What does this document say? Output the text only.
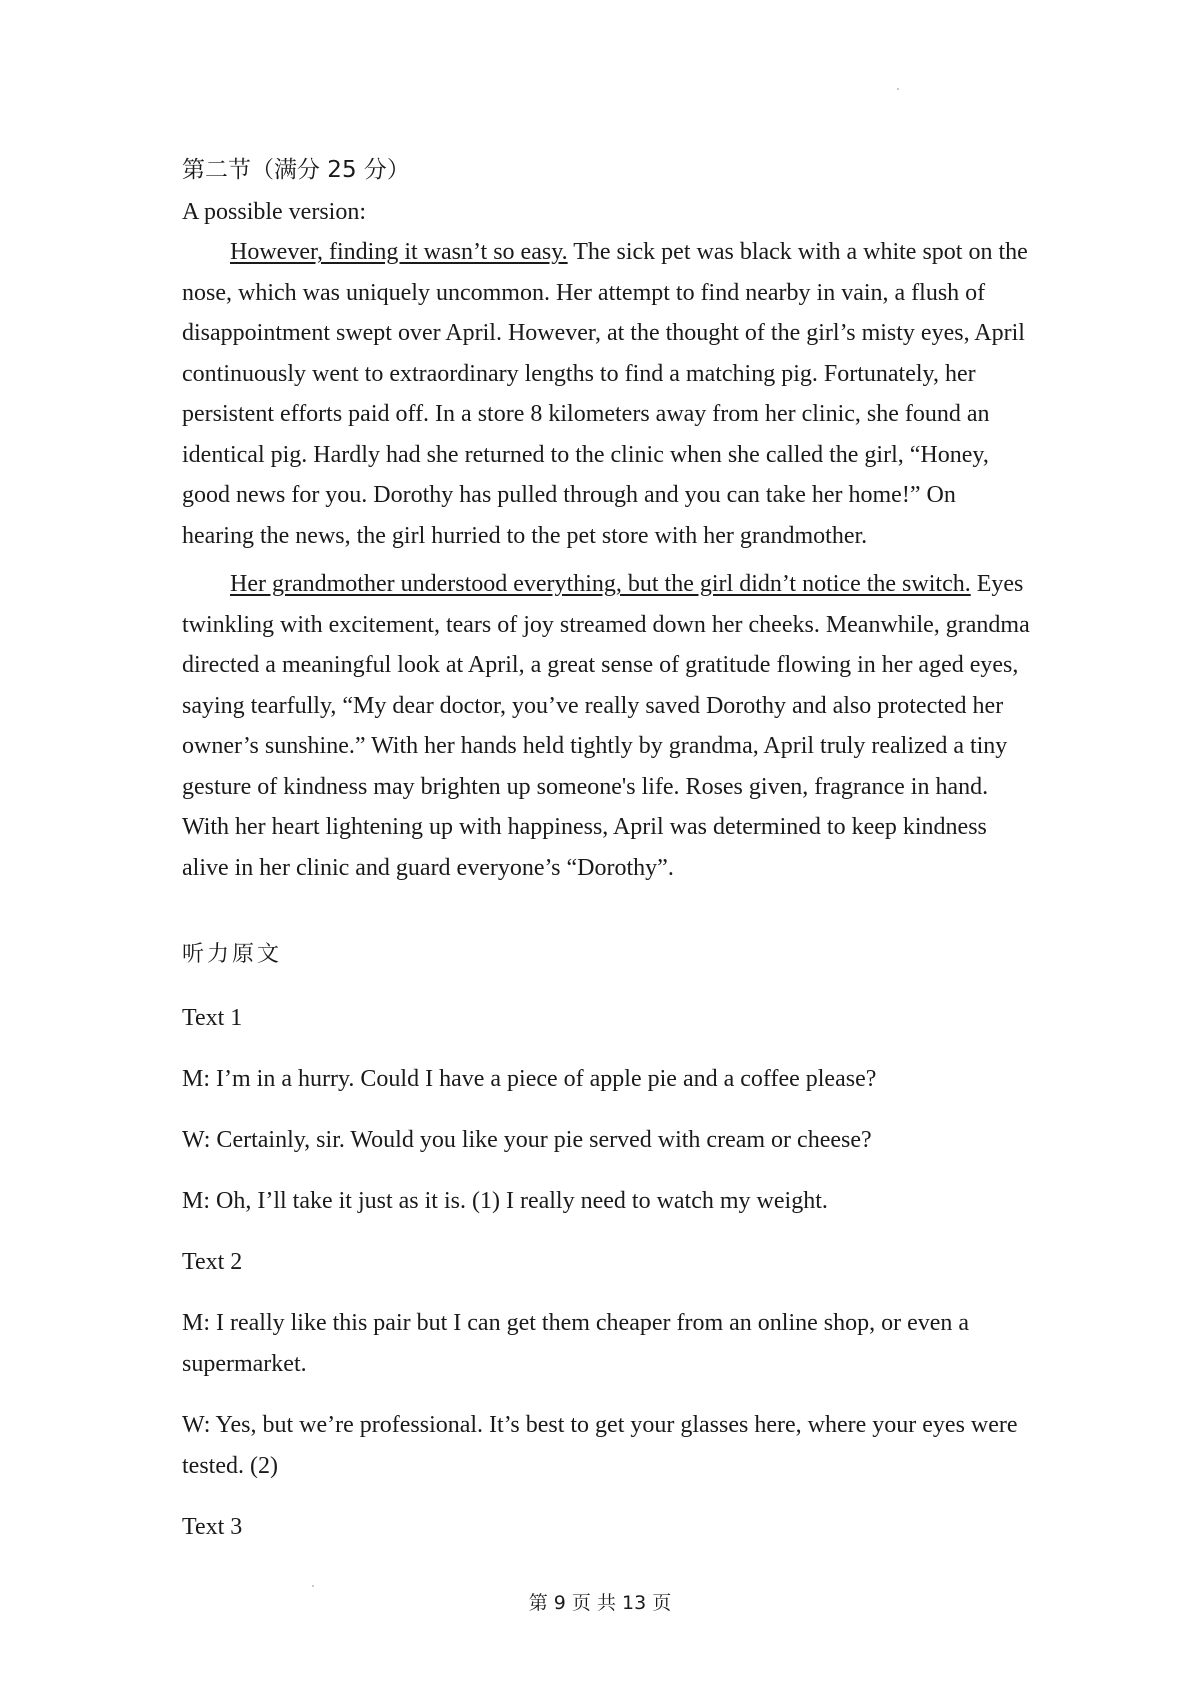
第二节（满分 25 分）
A possible version:

However, finding it wasn’t so easy. The sick pet was black with a white spot on the nose, which was uniquely uncommon. Her attempt to find nearby in vain, a flush of disappointment swept over April. However, at the thought of the girl’s misty eyes, April continuously went to extraordinary lengths to find a matching pig. Fortunately, her persistent efforts paid off. In a store 8 kilometers away from her clinic, she found an identical pig. Hardly had she returned to the clinic when she called the girl, “Honey, good news for you. Dorothy has pulled through and you can take her home!” On hearing the news, the girl hurried to the pet store with her grandmother.

Her grandmother understood everything, but the girl didn’t notice the switch. Eyes twinkling with excitement, tears of joy streamed down her cheeks. Meanwhile, grandma directed a meaningful look at April, a great sense of gratitude flowing in her aged eyes, saying tearfully, “My dear doctor, you’ve really saved Dorothy and also protected her owner’s sunshine.” With her hands held tightly by grandma, April truly realized a tiny gesture of kindness may brighten up someone's life. Roses given, fragrance in hand. With her heart lightening up with happiness, April was determined to keep kindness alive in her clinic and guard everyone’s “Dorothy”.

听力原文
Text 1
M: I’m in a hurry. Could I have a piece of apple pie and a coffee please?
W: Certainly, sir. Would you like your pie served with cream or cheese?
M: Oh, I’ll take it just as it is. (1) I really need to watch my weight.
Text 2
M: I really like this pair but I can get them cheaper from an online shop, or even a supermarket.
W: Yes, but we’re professional. It’s best to get your glasses here, where your eyes were tested. (2)
Text 3
第 9 页 共 13 页
